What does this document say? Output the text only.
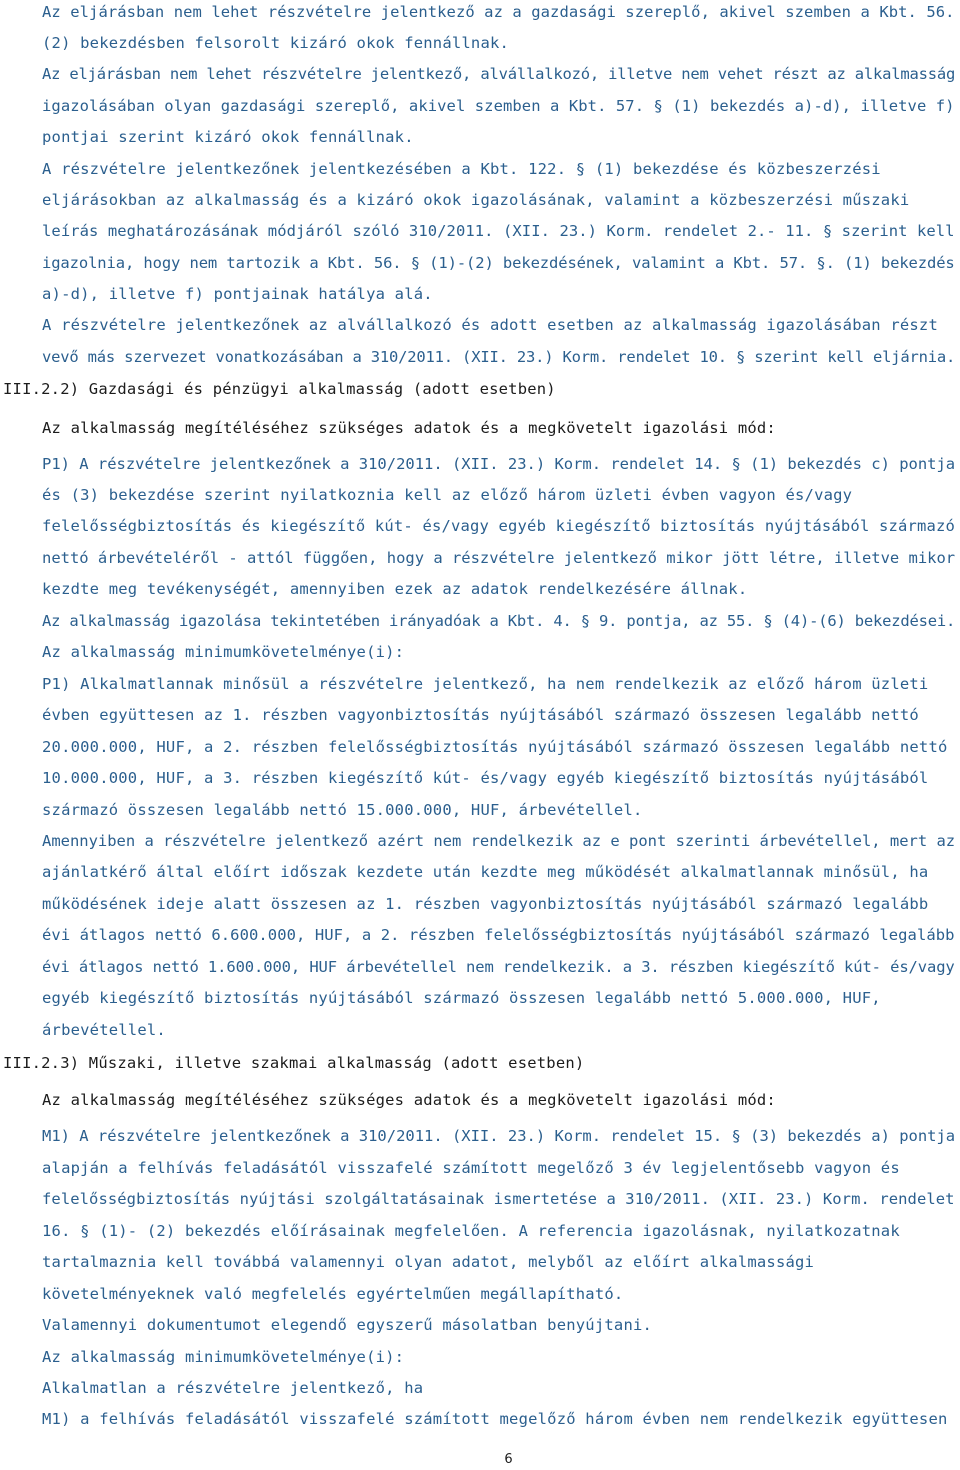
Az eljárásban nem lehet részvételre jelentkező az a gazdasági szereplő, akivel szemben a Kbt. 56.
(2) bekezdésben felsorolt kizáró okok fennállnak.
Az eljárásban nem lehet részvételre jelentkező, alvállalkozó, illetve nem vehet részt az alkalmasság
igazolásában olyan gazdasági szereplő, akivel szemben a Kbt. 57. § (1) bekezdés a)-d), illetve f)
pontjai szerint kizáró okok fennállnak.
A részvételre jelentkezőnek jelentkezésében a Kbt. 122. § (1) bekezdése és közbeszerzési
eljárásokban az alkalmasság és a kizáró okok igazolásának, valamint a közbeszerzési műszaki
leírás meghatározásának módjáról szóló 310/2011. (XII. 23.) Korm. rendelet 2.- 11. § szerint kell
igazolnia, hogy nem tartozik a Kbt. 56. § (1)-(2) bekezdésének, valamint a Kbt. 57. §. (1) bekezdés
a)-d), illetve f) pontjainak hatálya alá.
A részvételre jelentkezőnek az alvállalkozó és adott esetben az alkalmasság igazolásában részt
vevő más szervezet vonatkozásában a 310/2011. (XII. 23.) Korm. rendelet 10. § szerint kell eljárnia.
III.2.2) Gazdasági és pénzügyi alkalmasság (adott esetben)
Az alkalmasság megítéléséhez szükséges adatok és a megkövetelt igazolási mód:
P1) A részvételre jelentkezőnek a 310/2011. (XII. 23.) Korm. rendelet 14. § (1) bekezdés c) pontja
és (3) bekezdése szerint nyilatkoznia kell az előző három üzleti évben vagyon és/vagy
felelősségbiztosítás és kiegészítő kút- és/vagy egyéb kiegészítő biztosítás nyújtásából származó
nettó árbevételéről - attól függően, hogy a részvételre jelentkező mikor jött létre, illetve mikor
kezdte meg tevékenységét, amennyiben ezek az adatok rendelkezésére állnak.
Az alkalmasság igazolása tekintetében irányadóak a Kbt. 4. § 9. pontja, az 55. § (4)-(6) bekezdései.
Az alkalmasság minimumkövetelménye(i):
P1) Alkalmatlannak minősül a részvételre jelentkező, ha nem rendelkezik az előző három üzleti
évben együttesen az 1. részben vagyonbiztosítás nyújtásából származó összesen legalább nettó
20.000.000, HUF, a 2. részben felelősségbiztosítás nyújtásából származó összesen legalább nettó
10.000.000, HUF, a 3. részben kiegészítő kút- és/vagy egyéb kiegészítő biztosítás nyújtásából
származó összesen legalább nettó 15.000.000, HUF, árbevétellel.
Amennyiben a részvételre jelentkező azért nem rendelkezik az e pont szerinti árbevétellel, mert az
ajánlatkérő által előírt időszak kezdete után kezdte meg működését alkalmatlannak minősül, ha
működésének ideje alatt összesen az 1. részben vagyonbiztosítás nyújtásából származó legalább
évi átlagos nettó 6.600.000, HUF, a 2. részben felelősségbiztosítás nyújtásából származó legalább
évi átlagos nettó 1.600.000, HUF árbevétellel nem rendelkezik. a 3. részben kiegészítő kút- és/vagy
egyéb kiegészítő biztosítás nyújtásából származó összesen legalább nettó 5.000.000, HUF,
árbevétellel.
III.2.3) Műszaki, illetve szakmai alkalmasság (adott esetben)
Az alkalmasság megítéléséhez szükséges adatok és a megkövetelt igazolási mód:
M1) A részvételre jelentkezőnek a 310/2011. (XII. 23.) Korm. rendelet 15. § (3) bekezdés a) pontja
alapján a felhívás feladásától visszafelé számított megelőző 3 év legjelentősebb vagyon és
felelősségbiztosítás nyújtási szolgáltatásainak ismertetése a 310/2011. (XII. 23.) Korm. rendelet
16. § (1)- (2) bekezdés előírásainak megfelelően. A referencia igazolásnak, nyilatkozatnak
tartalmaznia kell továbbá valamennyi olyan adatot, melyből az előírt alkalmassági
követelményeknek való megfelelés egyértelműen megállapítható.
Valamennyi dokumentumot elegendő egyszerű másolatban benyújtani.
Az alkalmasság minimumkövetelménye(i):
Alkalmatlan a részvételre jelentkező, ha
M1) a felhívás feladásától visszafelé számított megelőző három évben nem rendelkezik együttesen
6
